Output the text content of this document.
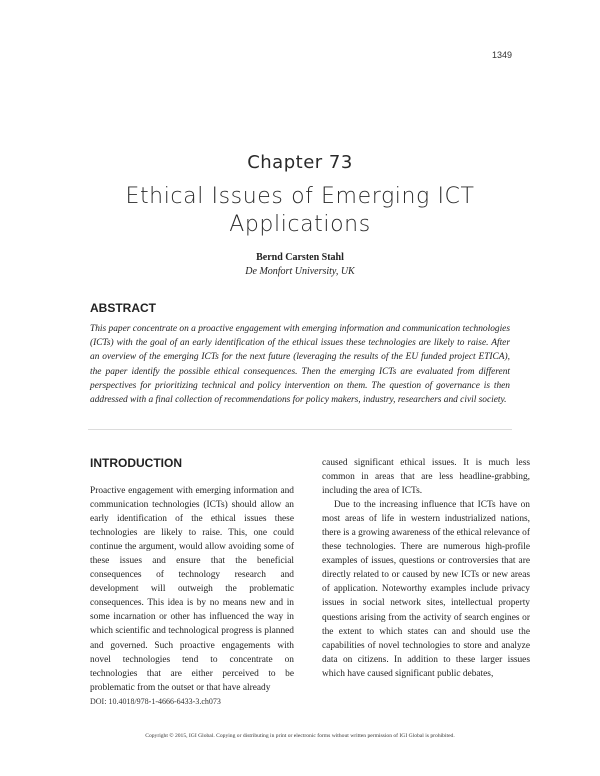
1349
Chapter 73
Ethical Issues of Emerging ICT Applications
Bernd Carsten Stahl
De Monfort University, UK
ABSTRACT
This paper concentrate on a proactive engagement with emerging information and communication technologies (ICTs) with the goal of an early identification of the ethical issues these technologies are likely to raise. After an overview of the emerging ICTs for the next future (leveraging the results of the EU funded project ETICA), the paper identify the possible ethical consequences. Then the emerging ICTs are evaluated from different perspectives for prioritizing technical and policy intervention on them. The question of governance is then addressed with a final collection of recommendations for policy makers, industry, researchers and civil society.
INTRODUCTION

Proactive engagement with emerging information and communication technologies (ICTs) should allow an early identification of the ethical issues these technologies are likely to raise. This, one could continue the argument, would allow avoiding some of these issues and ensure that the beneficial consequences of technology research and development will outweigh the problematic consequences. This idea is by no means new and in some incarnation or other has influenced the way in which scientific and technological progress is planned and governed. Such proactive engagements with novel technologies tend to concentrate on technologies that are either perceived to be problematic from the outset or that have already

caused significant ethical issues. It is much less common in areas that are less headline-grabbing, including the area of ICTs.

Due to the increasing influence that ICTs have on most areas of life in western industrialized nations, there is a growing awareness of the ethical relevance of these technologies. There are numerous high-profile examples of issues, questions or controversies that are directly related to or caused by new ICTs or new areas of application. Noteworthy examples include privacy issues in social network sites, intellectual property questions arising from the activity of search engines or the extent to which states can and should use the capabilities of novel technologies to store and analyze data on citizens. In addition to these larger issues which have caused significant public debates,

DOI: 10.4018/978-1-4666-6433-3.ch073
Copyright © 2015, IGI Global. Copying or distributing in print or electronic forms without written permission of IGI Global is prohibited.
